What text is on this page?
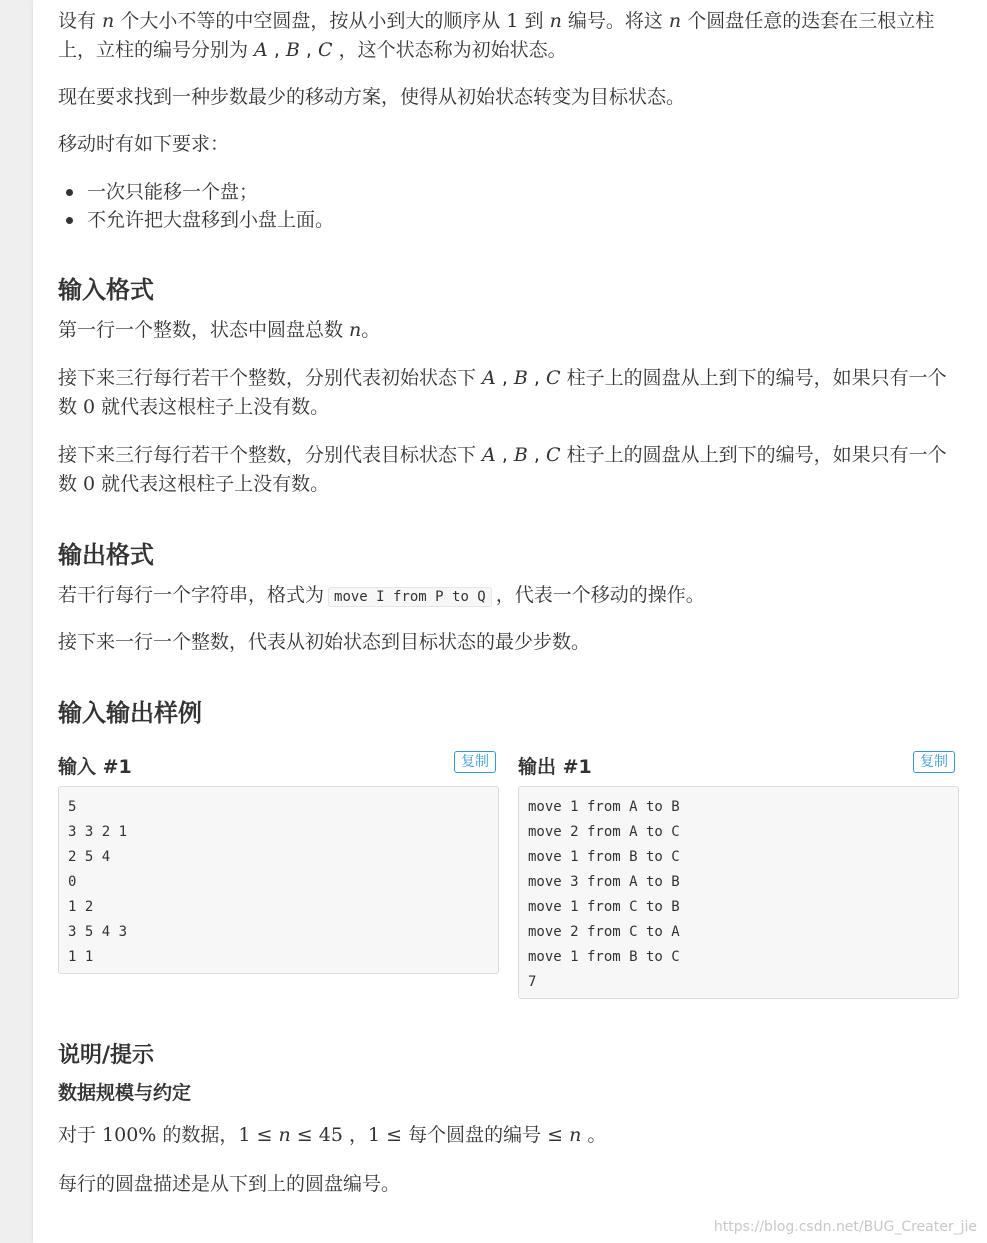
设有 n 个大小不等的中空圆盘，按从小到大的顺序从 1 到 n 编号。将这 n 个圆盘任意的迭套在三根立柱上，立柱的编号分别为 A , B , C ，这个状态称为初始状态。

现在要求找到一种步数最少的移动方案，使得从初始状态转变为目标状态。

移动时有如下要求：

一次只能移一个盘；
不允许把大盘移到小盘上面。
输入格式

第一行一个整数，状态中圆盘总数 n。

接下来三行每行若干个整数，分别代表初始状态下 A , B , C 柱子上的圆盘从上到下的编号，如果只有一个数 0 就代表这根柱子上没有数。

接下来三行每行若干个整数，分别代表目标状态下 A , B , C 柱子上的圆盘从上到下的编号，如果只有一个数 0 就代表这根柱子上没有数。

输出格式

若干行每行一个字符串，格式为 move I from P to Q ，代表一个移动的操作。

接下来一行一个整数，代表从初始状态到目标状态的最少步数。

输入输出样例
输入 #1	复制
5
3 3 2 1
2 5 4
0
1 2
3 5 4 3
1 1
输出 #1	复制
move 1 from A to B
move 2 from A to C
move 1 from B to C
move 3 from A to B
move 1 from C to B
move 2 from C to A
move 1 from B to C
7
说明/提示
数据规模与约定

对于 100% 的数据，1 ≤ n ≤ 45 ，1 ≤ 每个圆盘的编号 ≤ n 。

每行的圆盘描述是从下到上的圆盘编号。

https://blog.csdn.net/BUG_Creater_jie
